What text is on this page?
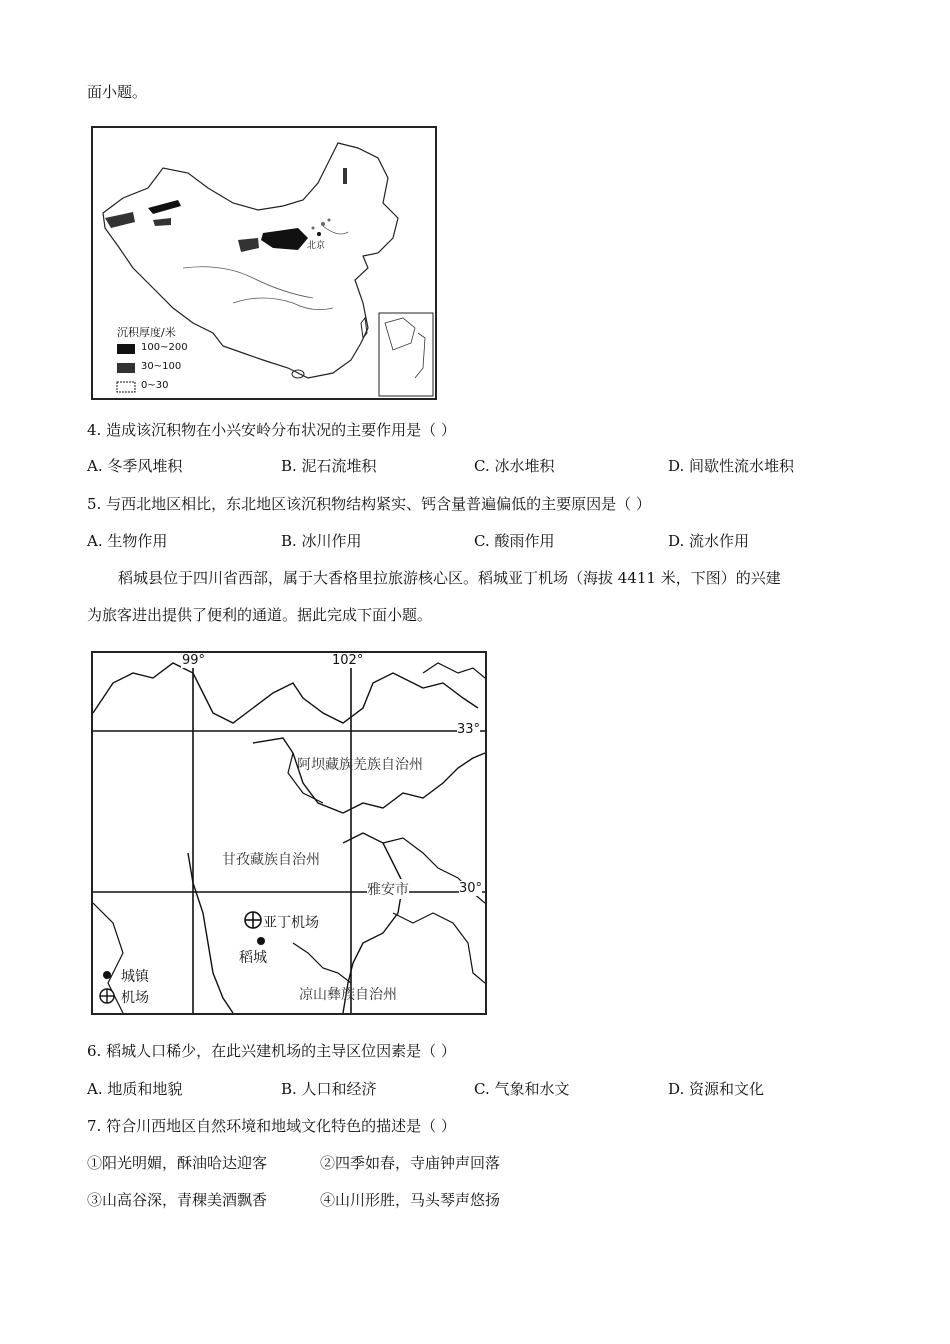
面小题。
沉积厚度/米
100~200
30~100
0~30
北京
4. 造成该沉积物在小兴安岭分布状况的主要作用是（ ）
A. 冬季风堆积	B. 泥石流堆积	C. 冰水堆积	D. 间歇性流水堆积
5. 与西北地区相比，东北地区该沉积物结构紧实、钙含量普遍偏低的主要原因是（ ）
A. 生物作用	B. 冰川作用	C. 酸雨作用	D. 流水作用
稻城县位于四川省西部，属于大香格里拉旅游核心区。稻城亚丁机场（海拔 4411 米，下图）的兴建
为旅客进出提供了便利的通道。据此完成下面小题。
99°	102°
33°
30°
阿坝藏族羌族自治州
甘孜藏族自治州
雅安市
亚丁机场
稻城
凉山彝族自治州
城镇
机场
6. 稻城人口稀少，在此兴建机场的主导区位因素是（ ）
A. 地质和地貌	B. 人口和经济	C. 气象和水文	D. 资源和文化
7. 符合川西地区自然环境和地域文化特色的描述是（ ）
①阳光明媚，酥油哈达迎客	②四季如春，寺庙钟声回落
③山高谷深，青稞美酒飘香	④山川形胜，马头琴声悠扬
